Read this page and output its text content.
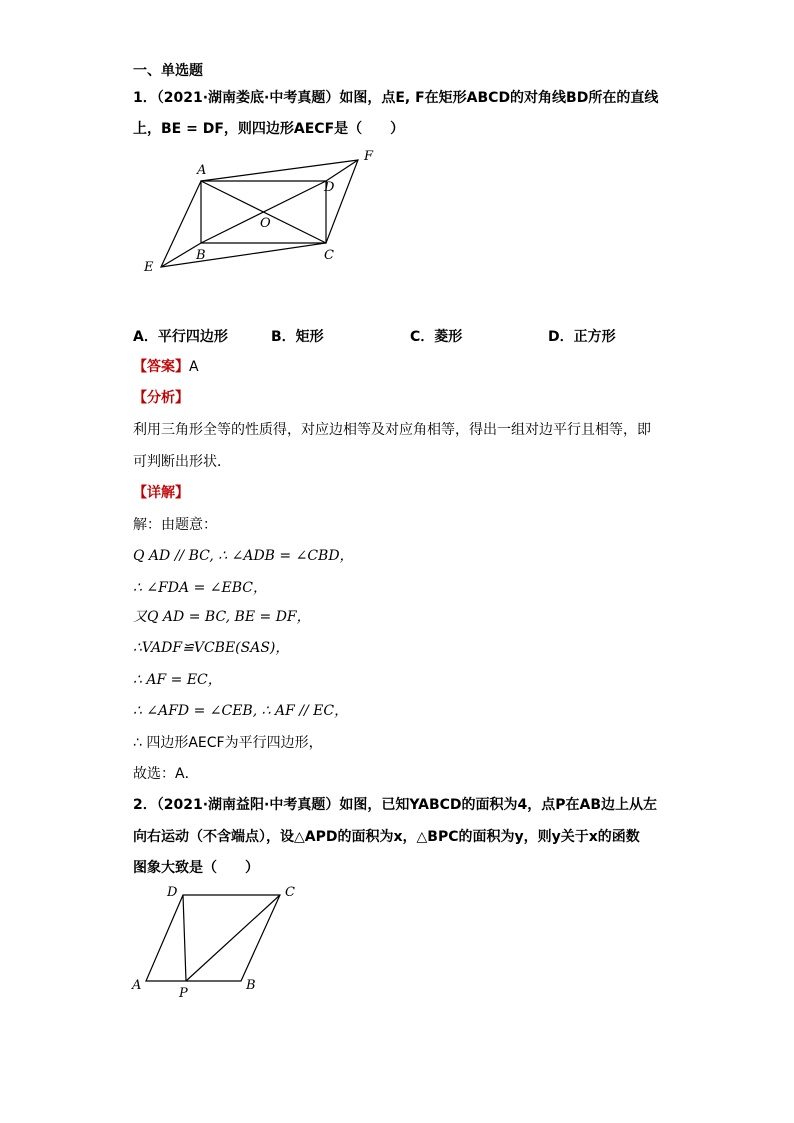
一、单选题
1．（2021·湖南娄底·中考真题）如图，点E, F在矩形ABCD的对角线BD所在的直线
上，BE = DF，则四边形AECF是（　　）
A
B	C
D
E
F
O
A．平行四边形	B．矩形	C．菱形	D．正方形
【答案】A
【分析】
利用三角形全等的性质得，对应边相等及对应角相等，得出一组对边平行且相等，即
可判断出形状．
【详解】
解：由题意：
Q AD // BC, ∴ ∠ADB = ∠CBD，
∴ ∠FDA = ∠EBC，
又Q AD = BC, BE = DF，
∴VADF≌VCBE(SAS)，
∴ AF = EC，
∴ ∠AFD = ∠CEB, ∴ AF // EC，
∴ 四边形AECF为平行四边形，
故选：A．
2．（2021·湖南益阳·中考真题）如图，已知YABCD的面积为4，点P在AB边上从左
向右运动（不含端点），设△APD的面积为x，△BPC的面积为y，则y关于x的函数
图象大致是（　　）
D	C
A	B
P
